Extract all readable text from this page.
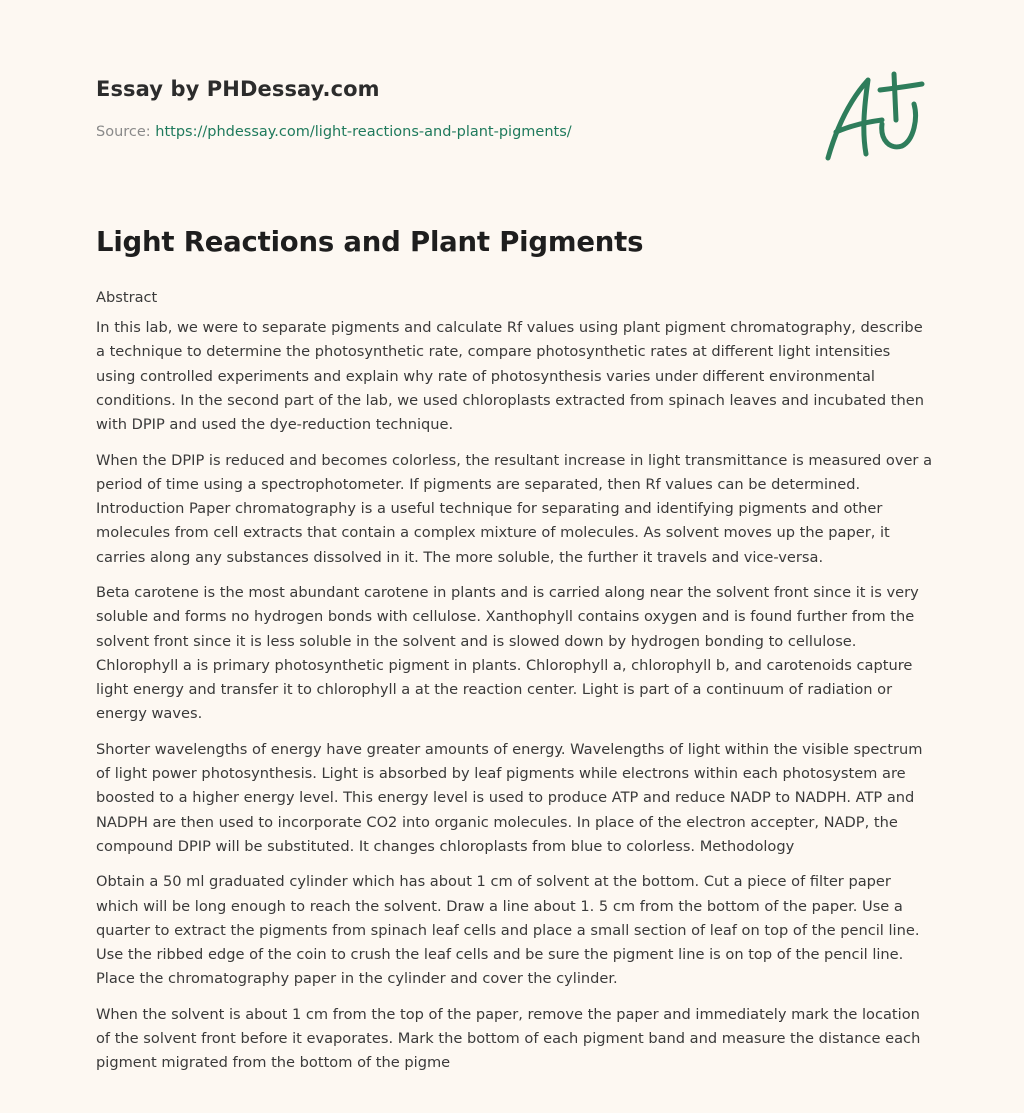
Essay by PHDessay.com
Source: https://phdessay.com/light-reactions-and-plant-pigments/
Light Reactions and Plant Pigments

Abstract

In this lab, we were to separate pigments and calculate Rf values using plant pigment chromatography, describe a technique to determine the photosynthetic rate, compare photosynthetic rates at different light intensities using controlled experiments and explain why rate of photosynthesis varies under different environmental conditions. In the second part of the lab, we used chloroplasts extracted from spinach leaves and incubated then with DPIP and used the dye-reduction technique.

When the DPIP is reduced and becomes colorless, the resultant increase in light transmittance is measured over a period of time using a spectrophotometer. If pigments are separated, then Rf values can be determined. Introduction Paper chromatography is a useful technique for separating and identifying pigments and other molecules from cell extracts that contain a complex mixture of molecules. As solvent moves up the paper, it carries along any substances dissolved in it. The more soluble, the further it travels and vice-versa.

Beta carotene is the most abundant carotene in plants and is carried along near the solvent front since it is very soluble and forms no hydrogen bonds with cellulose. Xanthophyll contains oxygen and is found further from the solvent front since it is less soluble in the solvent and is slowed down by hydrogen bonding to cellulose. Chlorophyll a is primary photosynthetic pigment in plants. Chlorophyll a, chlorophyll b, and carotenoids capture light energy and transfer it to chlorophyll a at the reaction center. Light is part of a continuum of radiation or energy waves.

Shorter wavelengths of energy have greater amounts of energy. Wavelengths of light within the visible spectrum of light power photosynthesis. Light is absorbed by leaf pigments while electrons within each photosystem are boosted to a higher energy level. This energy level is used to produce ATP and reduce NADP to NADPH. ATP and NADPH are then used to incorporate CO2 into organic molecules. In place of the electron accepter, NADP, the compound DPIP will be substituted. It changes chloroplasts from blue to colorless. Methodology

Obtain a 50 ml graduated cylinder which has about 1 cm of solvent at the bottom. Cut a piece of filter paper which will be long enough to reach the solvent. Draw a line about 1. 5 cm from the bottom of the paper. Use a quarter to extract the pigments from spinach leaf cells and place a small section of leaf on top of the pencil line. Use the ribbed edge of the coin to crush the leaf cells and be sure the pigment line is on top of the pencil line. Place the chromatography paper in the cylinder and cover the cylinder.

When the solvent is about 1 cm from the top of the paper, remove the paper and immediately mark the location of the solvent front before it evaporates. Mark the bottom of each pigment band and measure the distance each pigment migrated from the bottom of the pigme
